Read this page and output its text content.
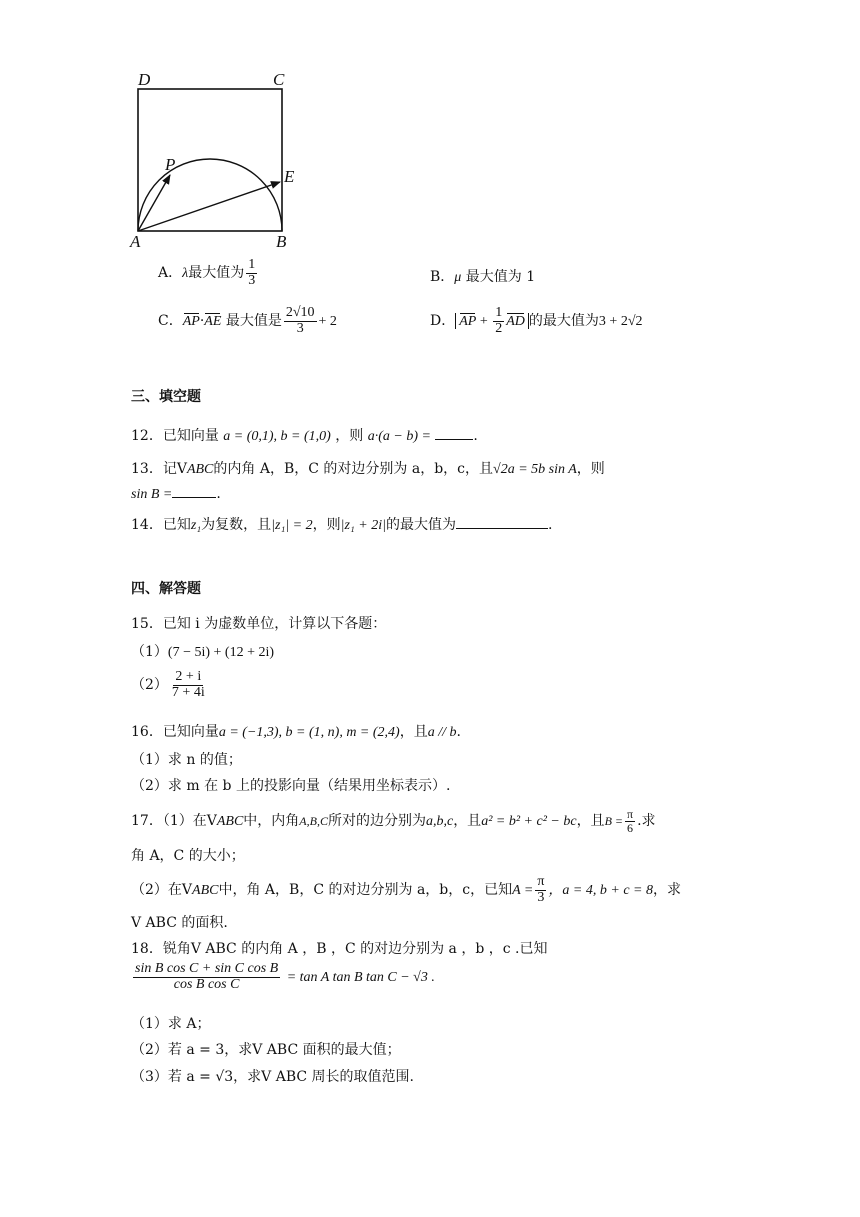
D	C
P
E
A	B
A．λ最大值为 $\frac{1}{3}$	B．μ 最大值为 1
C．AP·AE 最大值是 $\frac{2√10}{3} + 2$	D． AP + $\frac{1}{2}$ AD 的最大值为3 + 2√2
三、填空题
12．已知向量 a = (0,1), b = (1,0) ，则 a·(a − b) =	.
13．记VABC的内角 A，B，C 的对边分别为 a，b，c，且√2a = 5b sin A，则
sin B =	.
14．已知z₁为复数，且|z₁| = 2，则|z₁ + 2i|的最大值为	.
四、解答题
15．已知 i 为虚数单位，计算以下各题：
（1）(7 − 5i) + (12 + 2i)
$(2) \frac{2 + i}{7 + 4i}$
16．已知向量a = (−1,3), b = (1, n), m = (2,4)，且a // b.
（1）求 n 的值；
（2）求 m 在 b 上的投影向量（结果用坐标表示）.
17．（1）在VABC中，内角A,B,C所对的边分别为a,b,c，且a² = b² + c² − bc，且$B = \frac{\pi}{6}$ .求
角 A，C 的大小；
（2）在VABC中，角 A，B，C 的对边分别为 a，b，c，已知$A = \frac{\pi}{3}$ ，a = 4, b + c = 8，求
V ABC 的面积.
18．锐角V ABC 的内角 A ，B ，C 的对边分别为 a ，b ，c .已知
$\frac{\text{sin B cos C + sin C cos B}}{\text{cos B cos C}} = \tan A$ tan B tan C − √3 .
（1）求 A；
（2）若 a = 3，求V ABC 面积的最大值；
（3）若 a = √3，求V ABC 周长的取值范围.
